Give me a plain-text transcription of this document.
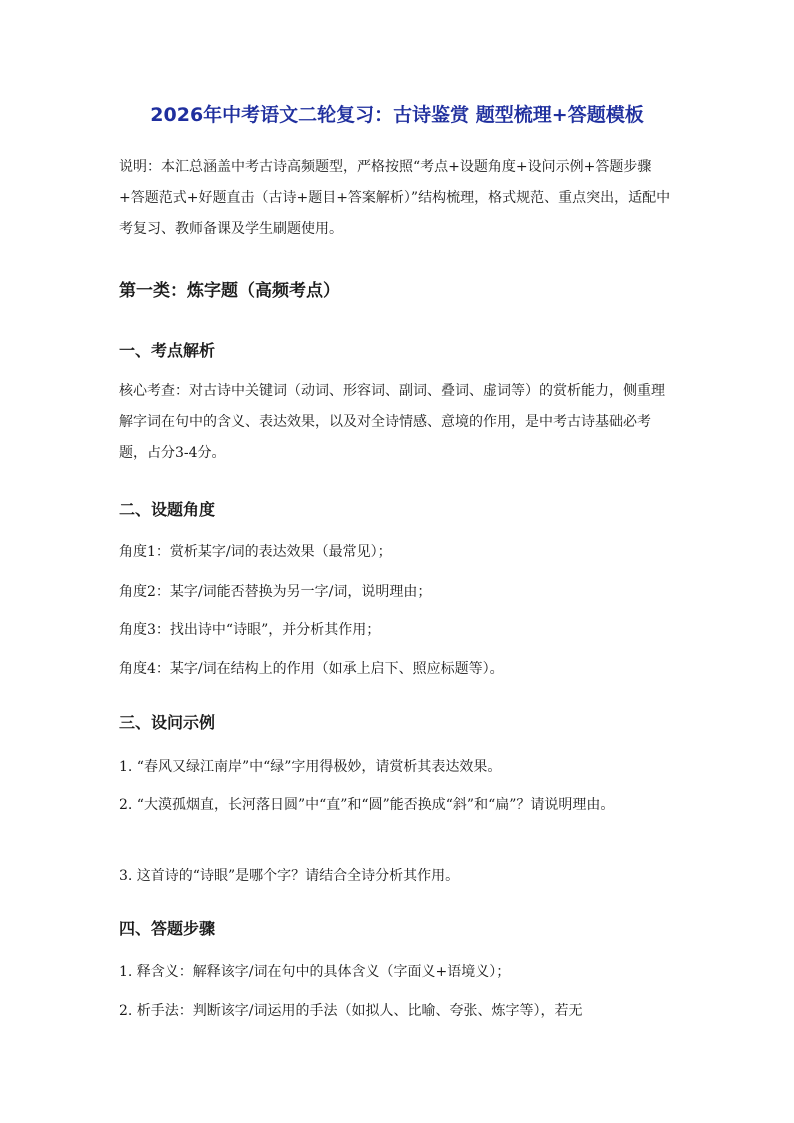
2026年中考语文二轮复习：古诗鉴赏 题型梳理+答题模板

说明：本汇总涵盖中考古诗高频题型，严格按照“考点+设题角度+设问示例+答题步骤+答题范式+好题直击（古诗+题目+答案解析）”结构梳理，格式规范、重点突出，适配中考复习、教师备课及学生刷题使用。

第一类：炼字题（高频考点）
一、考点解析

核心考查：对古诗中关键词（动词、形容词、副词、叠词、虚词等）的赏析能力，侧重理解字词在句中的含义、表达效果，以及对全诗情感、意境的作用，是中考古诗基础必考题，占分3-4分。

二、设题角度

角度1：赏析某字/词的表达效果（最常见）；

角度2：某字/词能否替换为另一字/词，说明理由；

角度3：找出诗中“诗眼”，并分析其作用；

角度4：某字/词在结构上的作用（如承上启下、照应标题等）。

三、设问示例

1. “春风又绿江南岸”中“绿”字用得极妙，请赏析其表达效果。

2. “大漠孤烟直，长河落日圆”中“直”和“圆”能否换成“斜”和“扁”？请说明理由。

3. 这首诗的“诗眼”是哪个字？请结合全诗分析其作用。

四、答题步骤

1. 释含义：解释该字/词在句中的具体含义（字面义+语境义）；

2. 析手法：判断该字/词运用的手法（如拟人、比喻、夸张、炼字等），若无
